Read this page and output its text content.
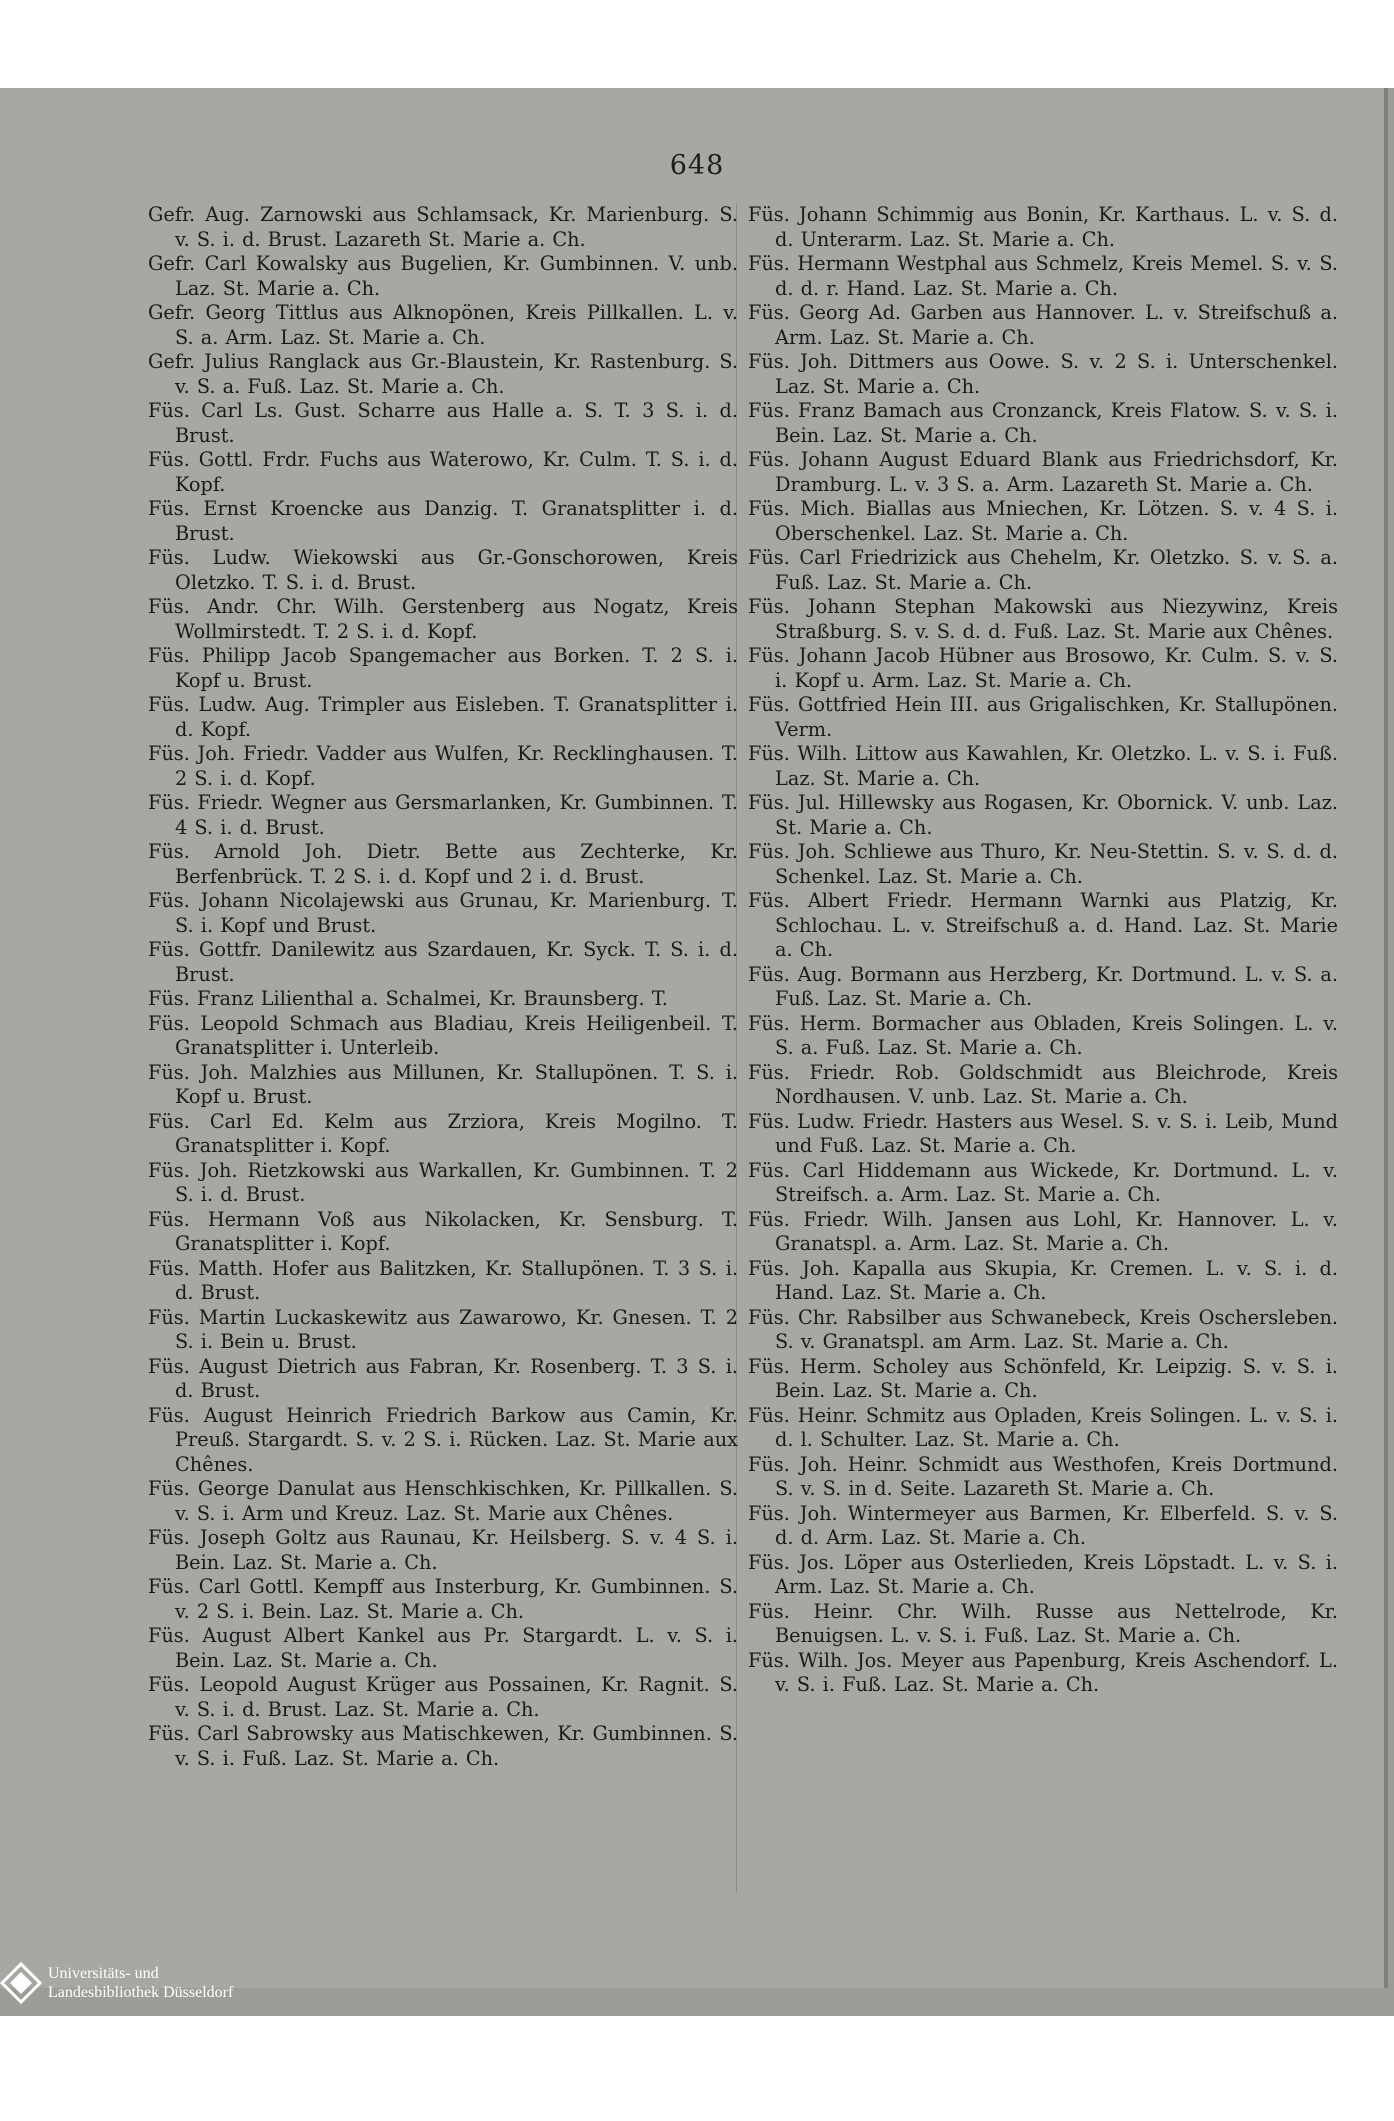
648

Gefr. Aug. Zarnowski aus Schlamsack, Kr. Marienburg. S. v. S. i. d. Brust. Lazareth St. Marie a. Ch.

Gefr. Carl Kowalsky aus Bugelien, Kr. Gumbinnen. V. unb. Laz. St. Marie a. Ch.

Gefr. Georg Tittlus aus Alknopönen, Kreis Pillkallen. L. v. S. a. Arm. Laz. St. Marie a. Ch.

Gefr. Julius Ranglack aus Gr.-Blaustein, Kr. Rastenburg. S. v. S. a. Fuß. Laz. St. Marie a. Ch.

Füs. Carl Ls. Gust. Scharre aus Halle a. S. T. 3 S. i. d. Brust.

Füs. Gottl. Frdr. Fuchs aus Waterowo, Kr. Culm. T. S. i. d. Kopf.

Füs. Ernst Kroencke aus Danzig. T. Granatsplitter i. d. Brust.

Füs. Ludw. Wiekowski aus Gr.-Gonschorowen, Kreis Oletzko. T. S. i. d. Brust.

Füs. Andr. Chr. Wilh. Gerstenberg aus Nogatz, Kreis Wollmirstedt. T. 2 S. i. d. Kopf.

Füs. Philipp Jacob Spangemacher aus Borken. T. 2 S. i. Kopf u. Brust.

Füs. Ludw. Aug. Trimpler aus Eisleben. T. Granatsplitter i. d. Kopf.

Füs. Joh. Friedr. Vadder aus Wulfen, Kr. Recklinghausen. T. 2 S. i. d. Kopf.

Füs. Friedr. Wegner aus Gersmarlanken, Kr. Gumbinnen. T. 4 S. i. d. Brust.

Füs. Arnold Joh. Dietr. Bette aus Zechterke, Kr. Berfenbrück. T. 2 S. i. d. Kopf und 2 i. d. Brust.

Füs. Johann Nicolajewski aus Grunau, Kr. Marienburg. T. S. i. Kopf und Brust.

Füs. Gottfr. Danilewitz aus Szardauen, Kr. Syck. T. S. i. d. Brust.

Füs. Franz Lilienthal a. Schalmei, Kr. Braunsberg. T.

Füs. Leopold Schmach aus Bladiau, Kreis Heiligenbeil. T. Granatsplitter i. Unterleib.

Füs. Joh. Malzhies aus Millunen, Kr. Stallupönen. T. S. i. Kopf u. Brust.

Füs. Carl Ed. Kelm aus Zrziora, Kreis Mogilno. T. Granatsplitter i. Kopf.

Füs. Joh. Rietzkowski aus Warkallen, Kr. Gumbinnen. T. 2 S. i. d. Brust.

Füs. Hermann Voß aus Nikolacken, Kr. Sensburg. T. Granatsplitter i. Kopf.

Füs. Matth. Hofer aus Balitzken, Kr. Stallupönen. T. 3 S. i. d. Brust.

Füs. Martin Luckaskewitz aus Zawarowo, Kr. Gnesen. T. 2 S. i. Bein u. Brust.

Füs. August Dietrich aus Fabran, Kr. Rosenberg. T. 3 S. i. d. Brust.

Füs. August Heinrich Friedrich Barkow aus Camin, Kr. Preuß. Stargardt. S. v. 2 S. i. Rücken. Laz. St. Marie aux Chênes.

Füs. George Danulat aus Henschkischken, Kr. Pillkallen. S. v. S. i. Arm und Kreuz. Laz. St. Marie aux Chênes.

Füs. Joseph Goltz aus Raunau, Kr. Heilsberg. S. v. 4 S. i. Bein. Laz. St. Marie a. Ch.

Füs. Carl Gottl. Kempff aus Insterburg, Kr. Gumbinnen. S. v. 2 S. i. Bein. Laz. St. Marie a. Ch.

Füs. August Albert Kankel aus Pr. Stargardt. L. v. S. i. Bein. Laz. St. Marie a. Ch.

Füs. Leopold August Krüger aus Possainen, Kr. Ragnit. S. v. S. i. d. Brust. Laz. St. Marie a. Ch.

Füs. Carl Sabrowsky aus Matischkewen, Kr. Gumbinnen. S. v. S. i. Fuß. Laz. St. Marie a. Ch.

Füs. Johann Schimmig aus Bonin, Kr. Karthaus. L. v. S. d. d. Unterarm. Laz. St. Marie a. Ch.

Füs. Hermann Westphal aus Schmelz, Kreis Memel. S. v. S. d. d. r. Hand. Laz. St. Marie a. Ch.

Füs. Georg Ad. Garben aus Hannover. L. v. Streifschuß a. Arm. Laz. St. Marie a. Ch.

Füs. Joh. Dittmers aus Oowe. S. v. 2 S. i. Unterschenkel. Laz. St. Marie a. Ch.

Füs. Franz Bamach aus Cronzanck, Kreis Flatow. S. v. S. i. Bein. Laz. St. Marie a. Ch.

Füs. Johann August Eduard Blank aus Friedrichsdorf, Kr. Dramburg. L. v. 3 S. a. Arm. Lazareth St. Marie a. Ch.

Füs. Mich. Biallas aus Mniechen, Kr. Lötzen. S. v. 4 S. i. Oberschenkel. Laz. St. Marie a. Ch.

Füs. Carl Friedrizick aus Chehelm, Kr. Oletzko. S. v. S. a. Fuß. Laz. St. Marie a. Ch.

Füs. Johann Stephan Makowski aus Niezywinz, Kreis Straßburg. S. v. S. d. d. Fuß. Laz. St. Marie aux Chênes.

Füs. Johann Jacob Hübner aus Brosowo, Kr. Culm. S. v. S. i. Kopf u. Arm. Laz. St. Marie a. Ch.

Füs. Gottfried Hein III. aus Grigalischken, Kr. Stallupönen. Verm.

Füs. Wilh. Littow aus Kawahlen, Kr. Oletzko. L. v. S. i. Fuß. Laz. St. Marie a. Ch.

Füs. Jul. Hillewsky aus Rogasen, Kr. Obornick. V. unb. Laz. St. Marie a. Ch.

Füs. Joh. Schliewe aus Thuro, Kr. Neu-Stettin. S. v. S. d. d. Schenkel. Laz. St. Marie a. Ch.

Füs. Albert Friedr. Hermann Warnki aus Platzig, Kr. Schlochau. L. v. Streifschuß a. d. Hand. Laz. St. Marie a. Ch.

Füs. Aug. Bormann aus Herzberg, Kr. Dortmund. L. v. S. a. Fuß. Laz. St. Marie a. Ch.

Füs. Herm. Bormacher aus Obladen, Kreis Solingen. L. v. S. a. Fuß. Laz. St. Marie a. Ch.

Füs. Friedr. Rob. Goldschmidt aus Bleichrode, Kreis Nordhausen. V. unb. Laz. St. Marie a. Ch.

Füs. Ludw. Friedr. Hasters aus Wesel. S. v. S. i. Leib, Mund und Fuß. Laz. St. Marie a. Ch.

Füs. Carl Hiddemann aus Wickede, Kr. Dortmund. L. v. Streifsch. a. Arm. Laz. St. Marie a. Ch.

Füs. Friedr. Wilh. Jansen aus Lohl, Kr. Hannover. L. v. Granatspl. a. Arm. Laz. St. Marie a. Ch.

Füs. Joh. Kapalla aus Skupia, Kr. Cremen. L. v. S. i. d. Hand. Laz. St. Marie a. Ch.

Füs. Chr. Rabsilber aus Schwanebeck, Kreis Oschersleben. S. v. Granatspl. am Arm. Laz. St. Marie a. Ch.

Füs. Herm. Scholey aus Schönfeld, Kr. Leipzig. S. v. S. i. Bein. Laz. St. Marie a. Ch.

Füs. Heinr. Schmitz aus Opladen, Kreis Solingen. L. v. S. i. d. l. Schulter. Laz. St. Marie a. Ch.

Füs. Joh. Heinr. Schmidt aus Westhofen, Kreis Dortmund. S. v. S. in d. Seite. Lazareth St. Marie a. Ch.

Füs. Joh. Wintermeyer aus Barmen, Kr. Elberfeld. S. v. S. d. d. Arm. Laz. St. Marie a. Ch.

Füs. Jos. Löper aus Osterlieden, Kreis Löpstadt. L. v. S. i. Arm. Laz. St. Marie a. Ch.

Füs. Heinr. Chr. Wilh. Russe aus Nettelrode, Kr. Benuigsen. L. v. S. i. Fuß. Laz. St. Marie a. Ch.

Füs. Wilh. Jos. Meyer aus Papenburg, Kreis Aschendorf. L. v. S. i. Fuß. Laz. St. Marie a. Ch.

Universitäts- und
Landesbibliothek Düsseldorf
